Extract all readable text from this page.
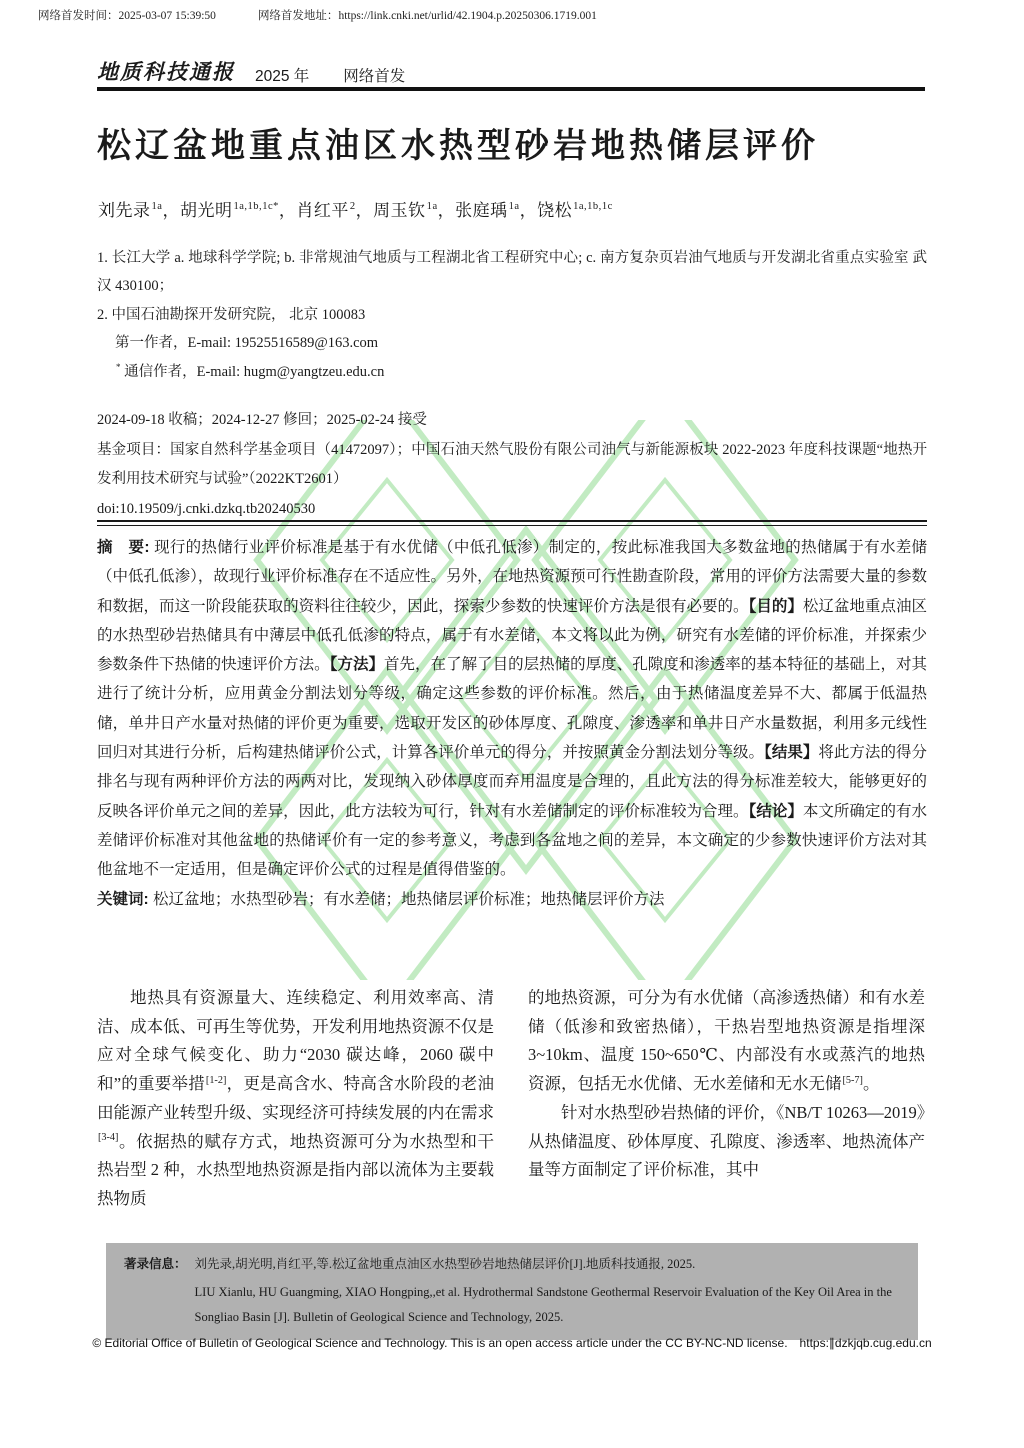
网络首发时间：2025-03-07 15:39:50	网络首发地址：https://link.cnki.net/urlid/42.1904.p.20250306.1719.001
地质科技通报 2025 年 网络首发
松辽盆地重点油区水热型砂岩地热储层评价
刘先录$^{1a}$，胡光明$^{1a,1b,1c*}$，肖红平$^2$，周玉钦$^{1a}$，张庭瑀$^{1a}$，饶松$^{1a,1b,1c}$
1. 长江大学 a. 地球科学学院; b. 非常规油气地质与工程湖北省工程研究中心; c. 南方复杂页岩油气地质与开发湖北省重点实验室 武汉 430100；
2. 中国石油勘探开发研究院， 北京 100083
第一作者，E-mail: 19525516589@163.com
* 通信作者，E-mail: hugm@yangtzeu.edu.cn
2024-09-18 收稿；2024-12-27 修回；2025-02-24 接受
基金项目：国家自然科学基金项目（41472097）；中国石油天然气股份有限公司油气与新能源板块 2022-2023 年度科技课题“地热开发利用技术研究与试验”（2022KT2601）
doi:10.19509/j.cnki.dzkq.tb20240530

摘　要: 现行的热储行业评价标准是基于有水优储（中低孔低渗）制定的，按此标准我国大多数盆地的热储属于有水差储（中低孔低渗），故现行业评价标准存在不适应性。另外，在地热资源预可行性勘查阶段，常用的评价方法需要大量的参数和数据，而这一阶段能获取的资料往往较少，因此，探索少参数的快速评价方法是很有必要的。【目的】松辽盆地重点油区的水热型砂岩热储具有中薄层中低孔低渗的特点，属于有水差储，本文将以此为例，研究有水差储的评价标准，并探索少参数条件下热储的快速评价方法。【方法】首先，在了解了目的层热储的厚度、孔隙度和渗透率的基本特征的基础上，对其进行了统计分析，应用黄金分割法划分等级，确定这些参数的评价标准。然后，由于热储温度差异不大、都属于低温热储，单井日产水量对热储的评价更为重要，选取开发区的砂体厚度、孔隙度、渗透率和单井日产水量数据，利用多元线性回归对其进行分析，后构建热储评价公式，计算各评价单元的得分，并按照黄金分割法划分等级。【结果】将此方法的得分排名与现有两种评价方法的两两对比，发现纳入砂体厚度而弃用温度是合理的，且此方法的得分标准差较大，能够更好的反映各评价单元之间的差异，因此，此方法较为可行，针对有水差储制定的评价标准较为合理。【结论】本文所确定的有水差储评价标准对其他盆地的热储评价有一定的参考意义，考虑到各盆地之间的差异，本文确定的少参数快速评价方法对其他盆地不一定适用，但是确定评价公式的过程是值得借鉴的。

关键词: 松辽盆地；水热型砂岩；有水差储；地热储层评价标准；地热储层评价方法

地热具有资源量大、连续稳定、利用效率高、清洁、成本低、可再生等优势，开发利用地热资源不仅是应对全球气候变化、助力“2030 碳达峰，2060 碳中和”的重要举措[1-2]，更是高含水、特高含水阶段的老油田能源产业转型升级、实现经济可持续发展的内在需求[3-4]。依据热的赋存方式，地热资源可分为水热型和干热岩型 2 种，水热型地热资源是指内部以流体为主要载热物质

的地热资源，可分为有水优储（高渗透热储）和有水差储（低渗和致密热储），干热岩型地热资源是指埋深 3~10km、温度 150~650℃、内部没有水或蒸汽的地热资源，包括无水优储、无水差储和无水无储[5-7]。

针对水热型砂岩热储的评价，《NB/T 10263—2019》从热储温度、砂体厚度、孔隙度、渗透率、地热流体产量等方面制定了评价标准，其中

著录信息： 刘先录,胡光明,肖红平,等.松辽盆地重点油区水热型砂岩地热储层评价[J].地质科技通报, 2025.

LIU Xianlu, HU Guangming, XIAO Hongping,,et al. Hydrothermal Sandstone Geothermal Reservoir Evaluation of the Key Oil Area in the Songliao Basin [J]. Bulletin of Geological Science and Technology, 2025.

© Editorial Office of Bulletin of Geological Science and Technology. This is an open access article under the CC BY-NC-ND license.　https:∥dzkjqb.cug.edu.cn
